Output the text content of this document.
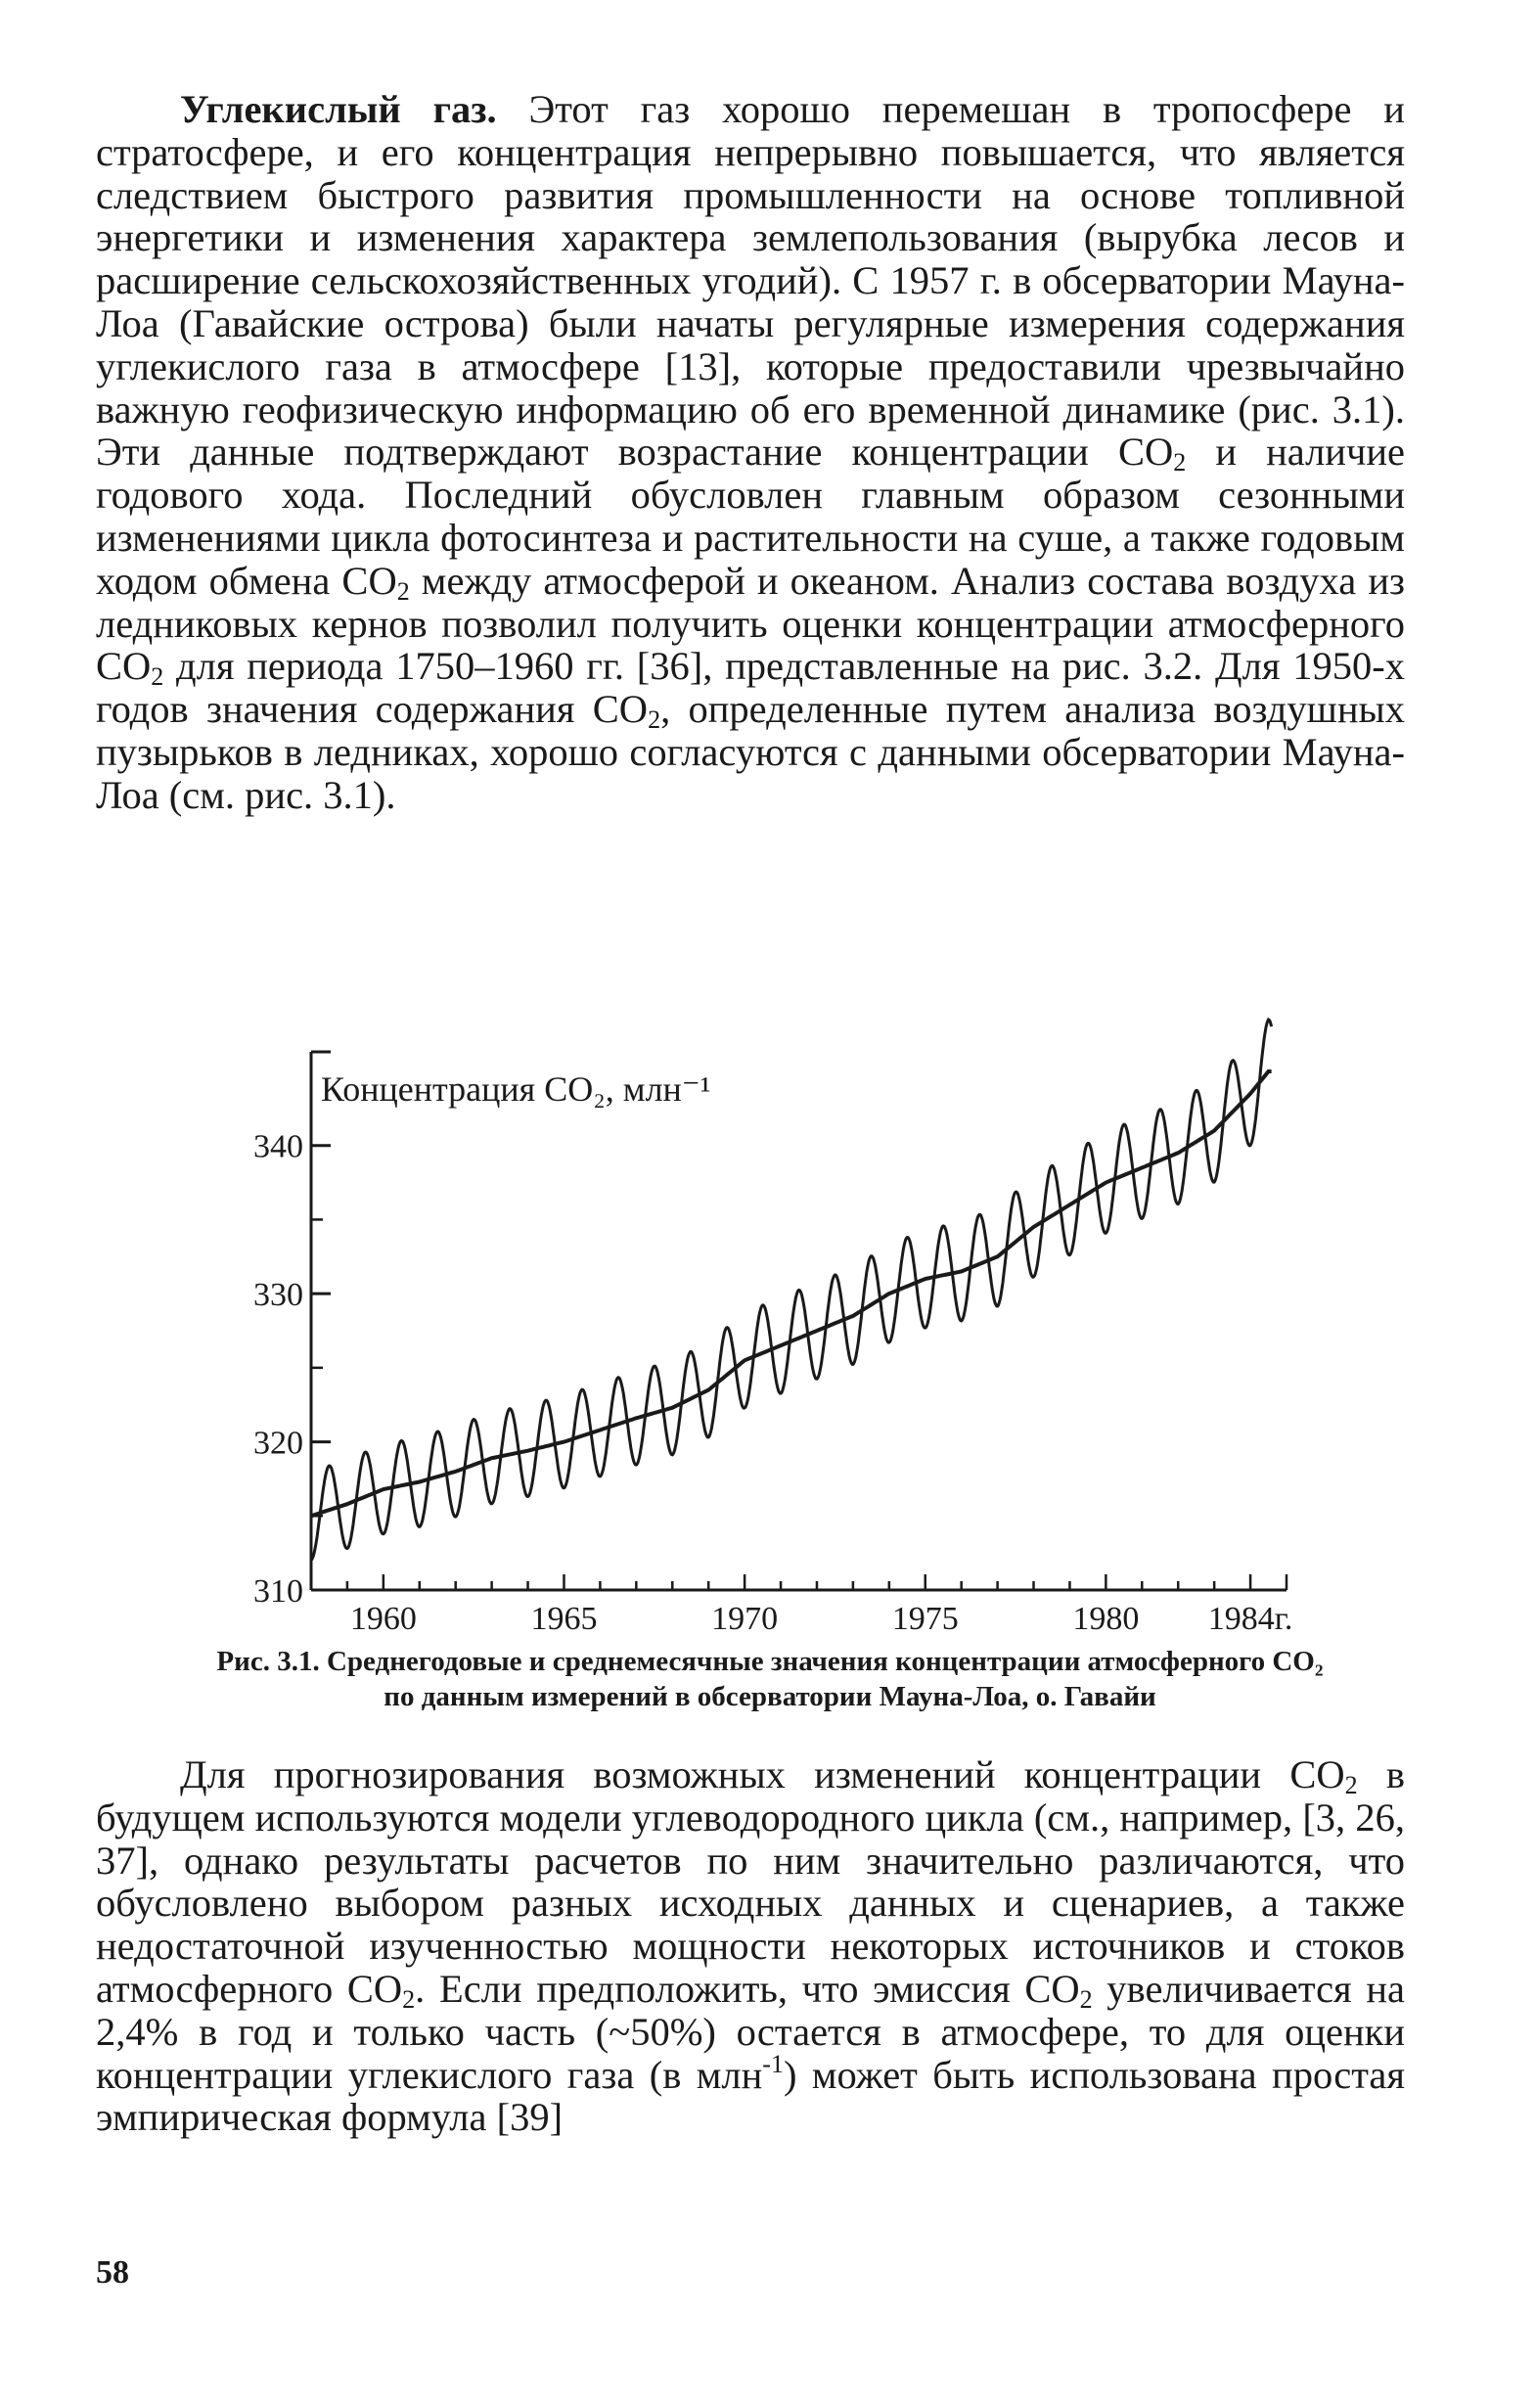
Углекислый газ. Этот газ хорошо перемешан в тропосфере и стратосфере, и его концентрация непрерывно повышается, что является следствием быстрого развития промышленности на основе топливной энергетики и изменения характера землепользования (вырубка лесов и расширение сельскохозяйственных угодий). С 1957 г. в обсерватории Мауна-Лоа (Гавайские острова) были начаты регулярные измерения содержания углекислого газа в атмосфере [13], которые предоставили чрезвычайно важную геофизическую информацию об его временной динамике (рис. 3.1). Эти данные подтверждают возрастание концентрации $CO_2$ и наличие годового хода. Последний обусловлен главным образом сезонными изменениями цикла фотосинтеза и растительности на суше, а также годовым ходом обмена $CO_2$ между атмосферой и океаном. Анализ состава воздуха из ледниковых кернов позволил получить оценки концентрации атмосферного $CO_2$ для периода 1750–1960 гг. [36], представленные на рис. 3.2. Для 1950-х годов значения содержания $CO_2$, определенные путем анализа воздушных пузырьков в ледниках, хорошо согласуются с данными обсерватории Мауна-Лоа (см. рис. 3.1).

Концентрация CO₂, млн⁻¹
310
320
330
340
1960	1965	1970	1975	1980 1984г.

Рис. 3.1. Среднегодовые и среднемесячные значения концентрации атмосферного CO₂ по данным измерений в обсерватории Мауна-Лоа, о. Гавайи

Для прогнозирования возможных изменений концентрации $CO_2$ в будущем используются модели углеводородного цикла (см., например, [3, 26, 37], однако результаты расчетов по ним значительно различаются, что обусловлено выбором разных исходных данных и сценариев, а также недостаточной изученностью мощности некоторых источников и стоков атмосферного $CO_2$. Если предположить, что эмиссия $CO_2$ увеличивается на 2,4% в год и только часть (~50%) остается в атмосфере, то для оценки концентрации углекислого газа (в млн$^{-1}$) может быть использована простая эмпирическая формула [39]

58
